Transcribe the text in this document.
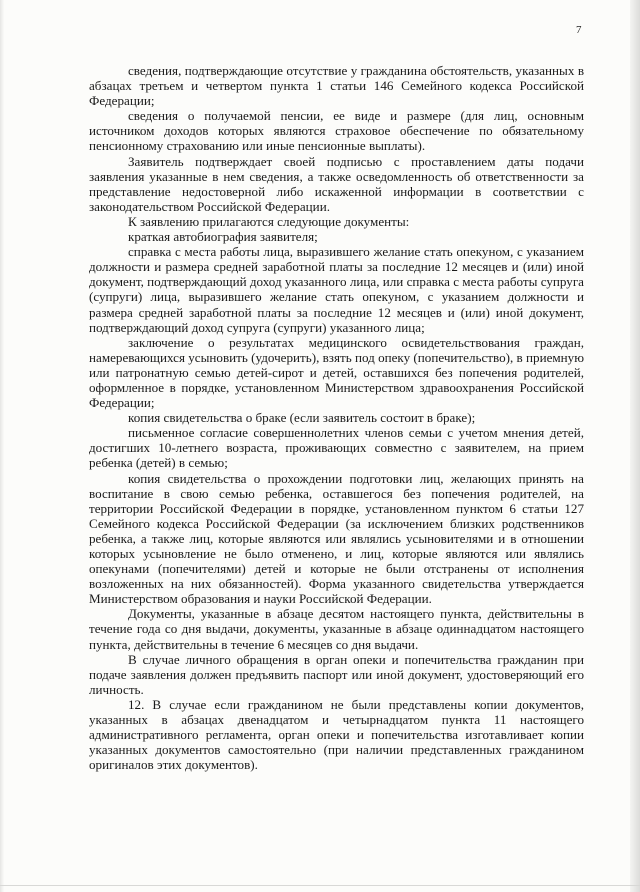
7

сведения, подтверждающие отсутствие у гражданина обстоятельств, указанных в абзацах третьем и четвертом пункта 1 статьи 146 Семейного кодекса Российской Федерации;

сведения о получаемой пенсии, ее виде и размере (для лиц, основным источником доходов которых являются страховое обеспечение по обязательному пенсионному страхованию или иные пенсионные выплаты).

Заявитель подтверждает своей подписью с проставлением даты подачи заявления указанные в нем сведения, а также осведомленность об ответственности за представление недостоверной либо искаженной информации в соответствии с законодательством Российской Федерации.

К заявлению прилагаются следующие документы:

краткая автобиография заявителя;

справка с места работы лица, выразившего желание стать опекуном, с указанием должности и размера средней заработной платы за последние 12 месяцев и (или) иной документ, подтверждающий доход указанного лица, или справка с места работы супруга (супруги) лица, выразившего желание стать опекуном, с указанием должности и размера средней заработной платы за последние 12 месяцев и (или) иной документ, подтверждающий доход супруга (супруги) указанного лица;

заключение о результатах медицинского освидетельствования граждан, намеревающихся усыновить (удочерить), взять под опеку (попечительство), в приемную или патронатную семью детей-сирот и детей, оставшихся без попечения родителей, оформленное в порядке, установленном Министерством здравоохранения Российской Федерации;

копия свидетельства о браке (если заявитель состоит в браке);

письменное согласие совершеннолетних членов семьи с учетом мнения детей, достигших 10-летнего возраста, проживающих совместно с заявителем, на прием ребенка (детей) в семью;

копия свидетельства о прохождении подготовки лиц, желающих принять на воспитание в свою семью ребенка, оставшегося без попечения родителей, на территории Российской Федерации в порядке, установленном пунктом 6 статьи 127 Семейного кодекса Российской Федерации (за исключением близких родственников ребенка, а также лиц, которые являются или являлись усыновителями и в отношении которых усыновление не было отменено, и лиц, которые являются или являлись опекунами (попечителями) детей и которые не были отстранены от исполнения возложенных на них обязанностей). Форма указанного свидетельства утверждается Министерством образования и науки Российской Федерации.

Документы, указанные в абзаце десятом настоящего пункта, действительны в течение года со дня выдачи, документы, указанные в абзаце одиннадцатом настоящего пункта, действительны в течение 6 месяцев со дня выдачи.

В случае личного обращения в орган опеки и попечительства гражданин при подаче заявления должен предъявить паспорт или иной документ, удостоверяющий его личность.

12. В случае если гражданином не были представлены копии документов, указанных в абзацах двенадцатом и четырнадцатом пункта 11 настоящего административного регламента, орган опеки и попечительства изготавливает копии указанных документов самостоятельно (при наличии представленных гражданином оригиналов этих документов).
